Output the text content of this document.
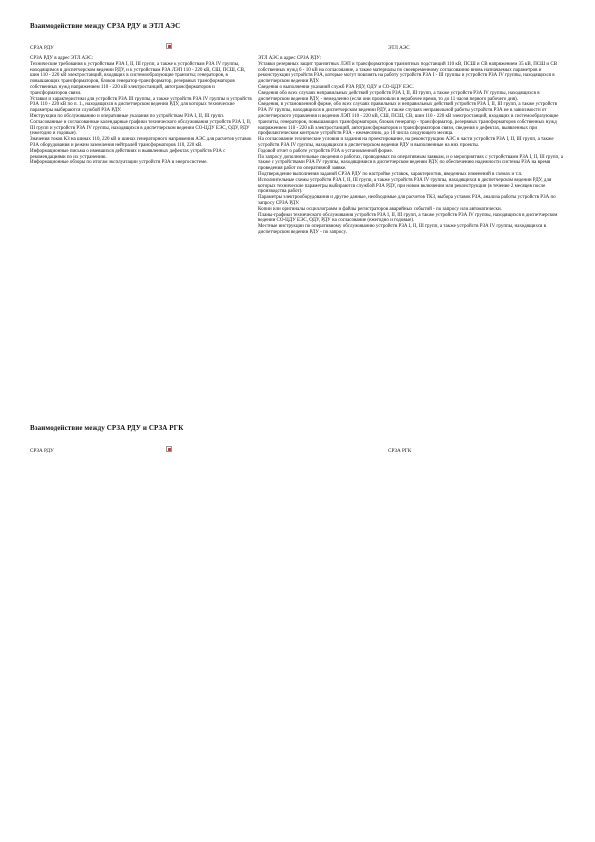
Взаимодействие между СРЗА РДУ и ЭТЛ АЭС
СРЗА РДУ	ЭТЛ АЭС

СРЗА РДУ в адрес ЭТЛ АЭС:

Технические требования к устройствам РЗА I, II, III групп, а также к устройствам РЗА IV группы, находящимся в диспетчерском ведении РДУ, и к устройствам РЗА ЛЭП 110 - 220 кВ, СШ, ПСШ, СВ, шин 110 - 220 кВ электростанций, входящих в системообразующие транзиты; генераторов, в повышающих трансформаторов, блоков генератор-трансформатор, резервных трансформаторов собственных нужд напряжением 110 - 220 кВ электростанций, автотрансформаторов и трансформаторов связи.

Уставки и характеристики для устройств РЗА III группы, а также устройств РЗА IV группы и устройств РЗА 110 - 220 кВ по п. 1., находящихся в диспетчерском ведении РДУ, для которых технические параметры выбираются службой РЗА РДУ.

Инструкции по обслуживанию и оперативные указания по устройствам РЗА I, II, III групп.

Согласованные и согласованные календарные графики технического обслуживания устройств РЗА I, II, III групп и устройств РЗА IV группы, находящихся в диспетчерском ведении СО-ЦДУ ЕЭС, ОДУ, РДУ (ежегодно и годовые).

Значения токов КЗ на шинах 110, 220 кВ и шинах генераторного напряжения АЭС для расчетов уставок РЗА оборудования и режим заземления нейтралей трансформаторов 110, 220 кВ.

Информационные письма о имевшихся действиях и выявленных дефектах устройств РЗА с рекомендациями по их устранению.

Информационные обзоры по итогам эксплуатации устройств РЗА в энергосистеме.

ЭТЛ АЭС в адрес СРЗА РДУ:

Уставки резервных защит транзитных ЛЭП и трансформаторов транзитных подстанций 110 кВ, ПСШ и СВ напряжением 35 кВ, ПСШ и СВ собственных нужд 6 - 10 кВ на согласование, а также материалы по своевременному согласованию вновь назначаемых параметров и реконструкции устройств РЗА, которые могут повлиять на работу устройств РЗА I - III группы и устройств РЗА IV группы, находящихся в диспетчерском ведении РДУ.

Сведения о выполнении указаний служб РЗА РДУ, ОДУ и СО-ЦДУ ЕЭС.

Сведения обо всех случаях неправильных действий устройств РЗА I, II, III групп, а также устройств РЗА IV группы, находящихся в диспетчерском ведении РДУ, - немедленно (если они произошли в нерабочее время, то до 11 часов первого рабочего дня).

Сведения, в установленной форме, обо всех случаях правильных и неправильных действий устройств РЗА I, II, III групп, а также устройств РЗА IV группы, находящихся в диспетчерском ведении РДУ, а также случаях неправильной работы устройств РЗА не в зависимости от диспетчерского управления и ведения ЛЭП 110 - 220 кВ, СШ, ПСШ, СВ, шин 110 - 220 кВ электростанций, входящих в системообразующие транзиты, генераторов, повышающих трансформаторов, блоков генератор - трансформатор, резервных трансформаторов собственных нужд напряжением 110 - 220 кВ электростанций, автотрансформаторов и трансформаторов связи, сведения о дефектах, выявленных при профилактическом контроле устройств РЗА - ежемесячно, до 10 числа следующего месяца.

На согласование технические условия и задания на проектирование, на реконструкцию АЭС в части устройств РЗА I, II, III групп, а также устройств РЗА IV группы, находящихся в диспетчерском ведении РДУ и выполненные на них проекты.

Годовой отчет о работе устройств РЗА в установленной форме.

По запросу дополнительные сведения о работах, проводимых по оперативным заявкам, и о мероприятиях с устройствами РЗА I, II, III групп, а также с устройствами РЗА IV группы, находящимися в диспетчерском ведении РДУ, по обеспечению надежности системы РЗА на время проведения работ по оперативной заявке.

Подтверждение выполнения заданий СРЗА РДУ по настройке уставок, характеристик, введенных изменений в схемах и т.п.

Исполнительные схемы устройств РЗА I, II, III групп, а также устройств РЗА IV группы, находящихся в диспетчерском ведении РДУ, для которых технические параметры выбираются службой РЗА РДУ, при новом включении или реконструкции (в течение 2 месяцев после производства работ).

Параметры электрооборудования и другие данные, необходимые для расчетов ТКЗ, выбора уставок РЗА, анализа работы устройств РЗА по запросу СРЗА РДУ.

Копии или оригиналы осциллограмм и файлы регистраторов аварийных событий - по запросу или автоматически.

Планы-графики технического обслуживания устройств РЗА I, II, III групп, а также устройств РЗА IV группы, находящихся в диспетчерском ведении СО-ЦДУ ЕЭС, ОДУ, РДУ на согласование (ежегодно и годовые).

Местные инструкции по оперативному обслуживанию устройств РЗА I, II, III групп, а также устройств РЗА IV группы, находящихся в диспетчерском ведении РДУ - по запросу.

Взаимодействие между СРЗА РДУ и СРЗА РГК
СРЗА РДУ	СРЗА РГК
